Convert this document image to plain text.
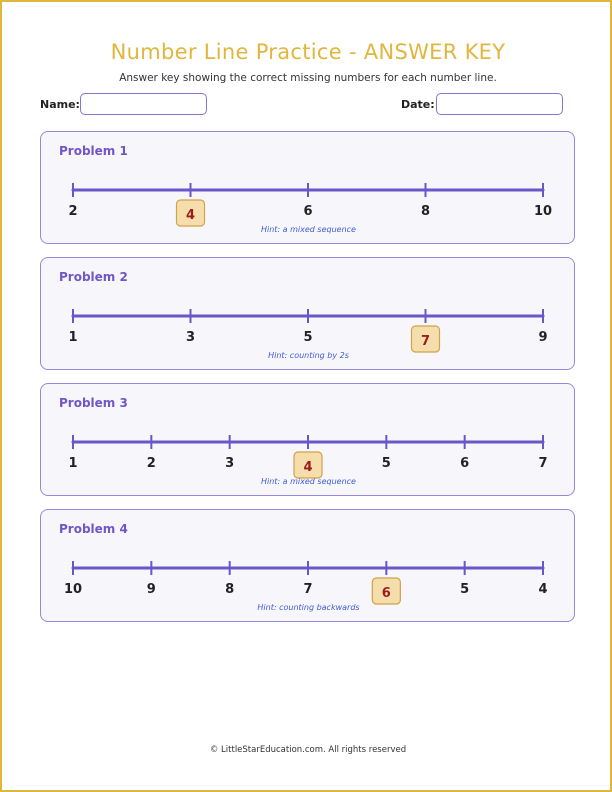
Number Line Practice - ANSWER KEY
Answer key showing the correct missing numbers for each number line.
Name:	Date:
Problem 1
2	4	6	8	10
Hint: a mixed sequence
Problem 2
1	3	5	7	9
Hint: counting by 2s
Problem 3
1	2	3	4	5	6	7
Hint: a mixed sequence
Problem 4
10	9	8	7	6	5	4
Hint: counting backwards
© LittleStarEducation.com. All rights reserved
